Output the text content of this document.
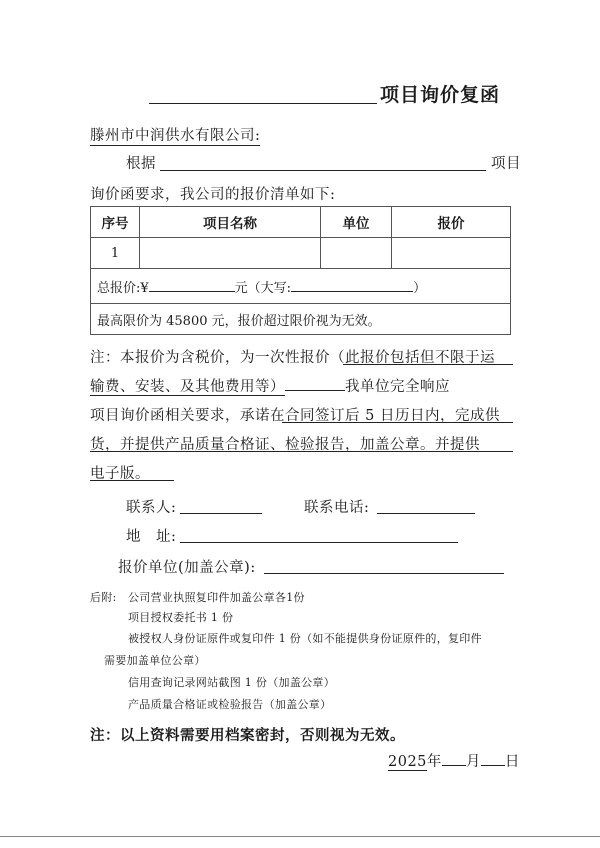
项目询价复函
滕州市中润供水有限公司:
根据	项目
询价函要求，我公司的报价清单如下:
序号	项目名称	单位	报价
1			
总报价:¥ 元（大写: ）			
最高限价为 45800 元，报价超过限价视为无效。			
注：本报价为含税价，为一次性报价（此报价包括但不限于运
输费、安装、及其他费用等）	我单位完全响应
项目询价函相关要求，承诺在合同签订后 5 日历日内，完成供
货，并提供产品质量合格证、检验报告，加盖公章。并提供
电子版。
联系人:	联系电话:
地　址:
报价单位(加盖公章):
后附: 公司营业执照复印件加盖公章各1份
项目授权委托书 1 份
被授权人身份证原件或复印件 1 份（如不能提供身份证原件的，复印件
需要加盖单位公章）
信用查询记录网站截图 1 份（加盖公章）
产品质量合格证或检验报告（加盖公章）
注：以上资料需要用档案密封，否则视为无效。
2025年 月 日
